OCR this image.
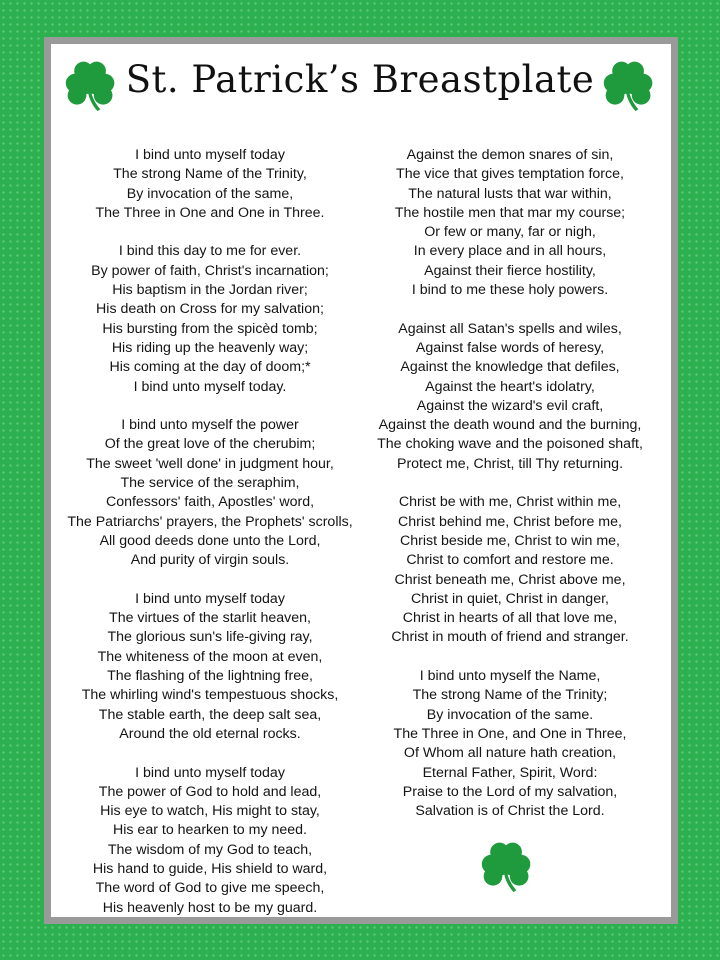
St. Patrick’s Breastplate
I bind unto myself today
The strong Name of the Trinity,
By invocation of the same,
The Three in One and One in Three.
I bind this day to me for ever.
By power of faith, Christ's incarnation;
His baptism in the Jordan river;
His death on Cross for my salvation;
His bursting from the spicèd tomb;
His riding up the heavenly way;
His coming at the day of doom;*
I bind unto myself today.
I bind unto myself the power
Of the great love of the cherubim;
The sweet 'well done' in judgment hour,
The service of the seraphim,
Confessors' faith, Apostles' word,
The Patriarchs' prayers, the Prophets' scrolls,
All good deeds done unto the Lord,
And purity of virgin souls.
I bind unto myself today
The virtues of the starlit heaven,
The glorious sun's life-giving ray,
The whiteness of the moon at even,
The flashing of the lightning free,
The whirling wind's tempestuous shocks,
The stable earth, the deep salt sea,
Around the old eternal rocks.
I bind unto myself today
The power of God to hold and lead,
His eye to watch, His might to stay,
His ear to hearken to my need.
The wisdom of my God to teach,
His hand to guide, His shield to ward,
The word of God to give me speech,
His heavenly host to be my guard.
Against the demon snares of sin,
The vice that gives temptation force,
The natural lusts that war within,
The hostile men that mar my course;
Or few or many, far or nigh,
In every place and in all hours,
Against their fierce hostility,
I bind to me these holy powers.
Against all Satan's spells and wiles,
Against false words of heresy,
Against the knowledge that defiles,
Against the heart's idolatry,
Against the wizard's evil craft,
Against the death wound and the burning,
The choking wave and the poisoned shaft,
Protect me, Christ, till Thy returning.
Christ be with me, Christ within me,
Christ behind me, Christ before me,
Christ beside me, Christ to win me,
Christ to comfort and restore me.
Christ beneath me, Christ above me,
Christ in quiet, Christ in danger,
Christ in hearts of all that love me,
Christ in mouth of friend and stranger.
I bind unto myself the Name,
The strong Name of the Trinity;
By invocation of the same.
The Three in One, and One in Three,
Of Whom all nature hath creation,
Eternal Father, Spirit, Word:
Praise to the Lord of my salvation,
Salvation is of Christ the Lord.
